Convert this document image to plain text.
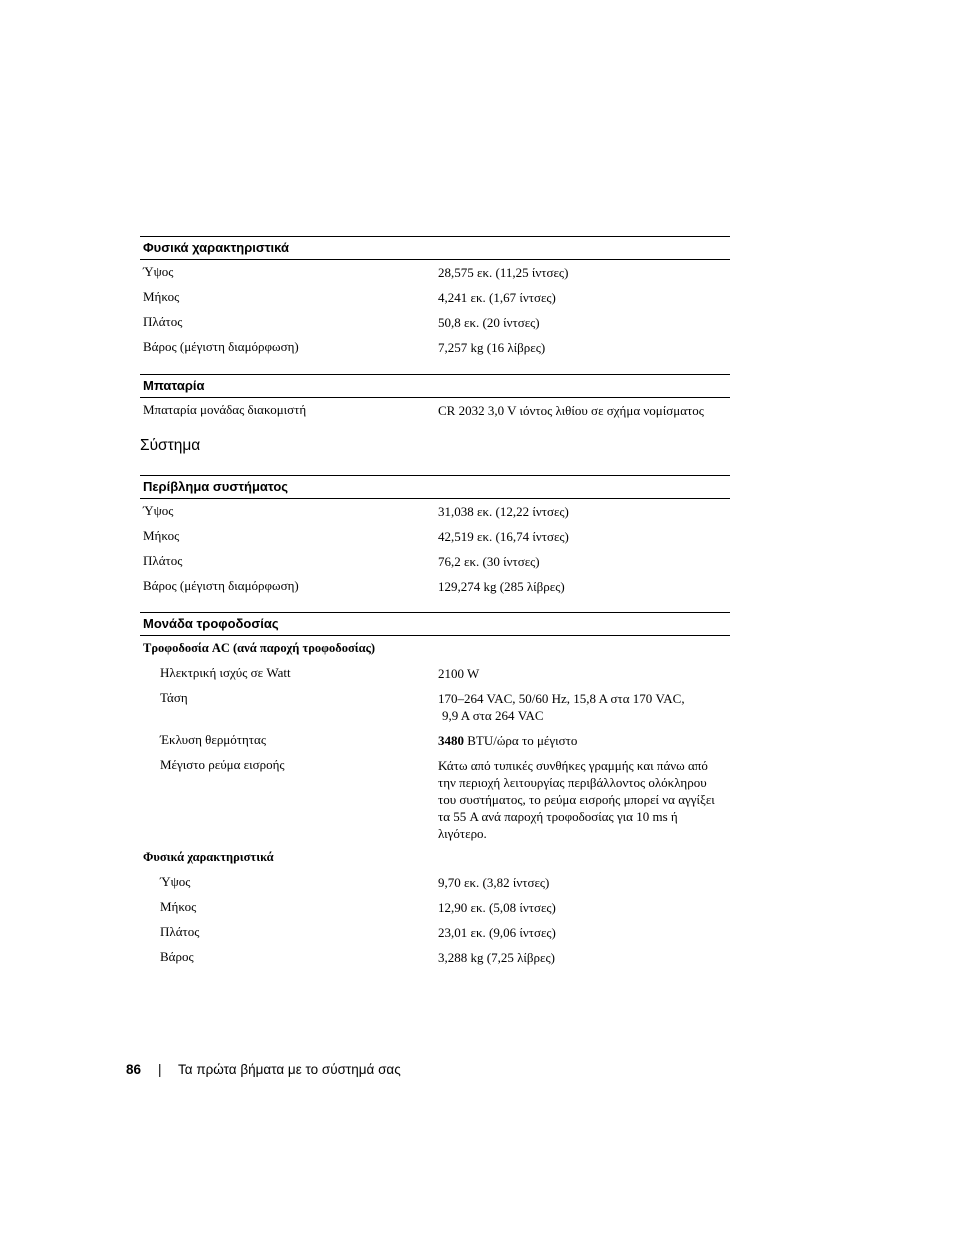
Φυσικά χαρακτηριστικά
Ύψος	28,575 εκ. (11,25 ίντσες)
Μήκος	4,241 εκ. (1,67 ίντσες)
Πλάτος	50,8 εκ. (20 ίντσες)
Βάρος (μέγιστη διαμόρφωση)	7,257 kg (16 λίβρες)
Μπαταρία
Μπαταρία μονάδας διακομιστή	CR 2032 3,0 V ιόντος λιθίου σε σχήμα νομίσματος
Σύστημα
Περίβλημα συστήματος
Ύψος	31,038 εκ. (12,22 ίντσες)
Μήκος	42,519 εκ. (16,74 ίντσες)
Πλάτος	76,2 εκ. (30 ίντσες)
Βάρος (μέγιστη διαμόρφωση)	129,274 kg (285 λίβρες)
Μονάδα τροφοδοσίας
Τροφοδοσία AC (ανά παροχή τροφοδοσίας)
Ηλεκτρική ισχύς σε Watt	2100 W
Τάση	170–264 VAC, 50/60 Hz, 15,8 A στα 170 VAC,
9,9 A στα 264 VAC
Έκλυση θερμότητας	3480 BTU/ώρα το μέγιστο
Μέγιστο ρεύμα εισροής	Κάτω από τυπικές συνθήκες γραμμής και πάνω από
την περιοχή λειτουργίας περιβάλλοντος ολόκληρου
του συστήματος, το ρεύμα εισροής μπορεί να αγγίξει
τα 55 A ανά παροχή τροφοδοσίας για 10 ms ή
λιγότερο.
Φυσικά χαρακτηριστικά
Ύψος	9,70 εκ. (3,82 ίντσες)
Μήκος	12,90 εκ. (5,08 ίντσες)
Πλάτος	23,01 εκ. (9,06 ίντσες)
Βάρος	3,288 kg (7,25 λίβρες)
86 | Τα πρώτα βήματα με το σύστημά σας
